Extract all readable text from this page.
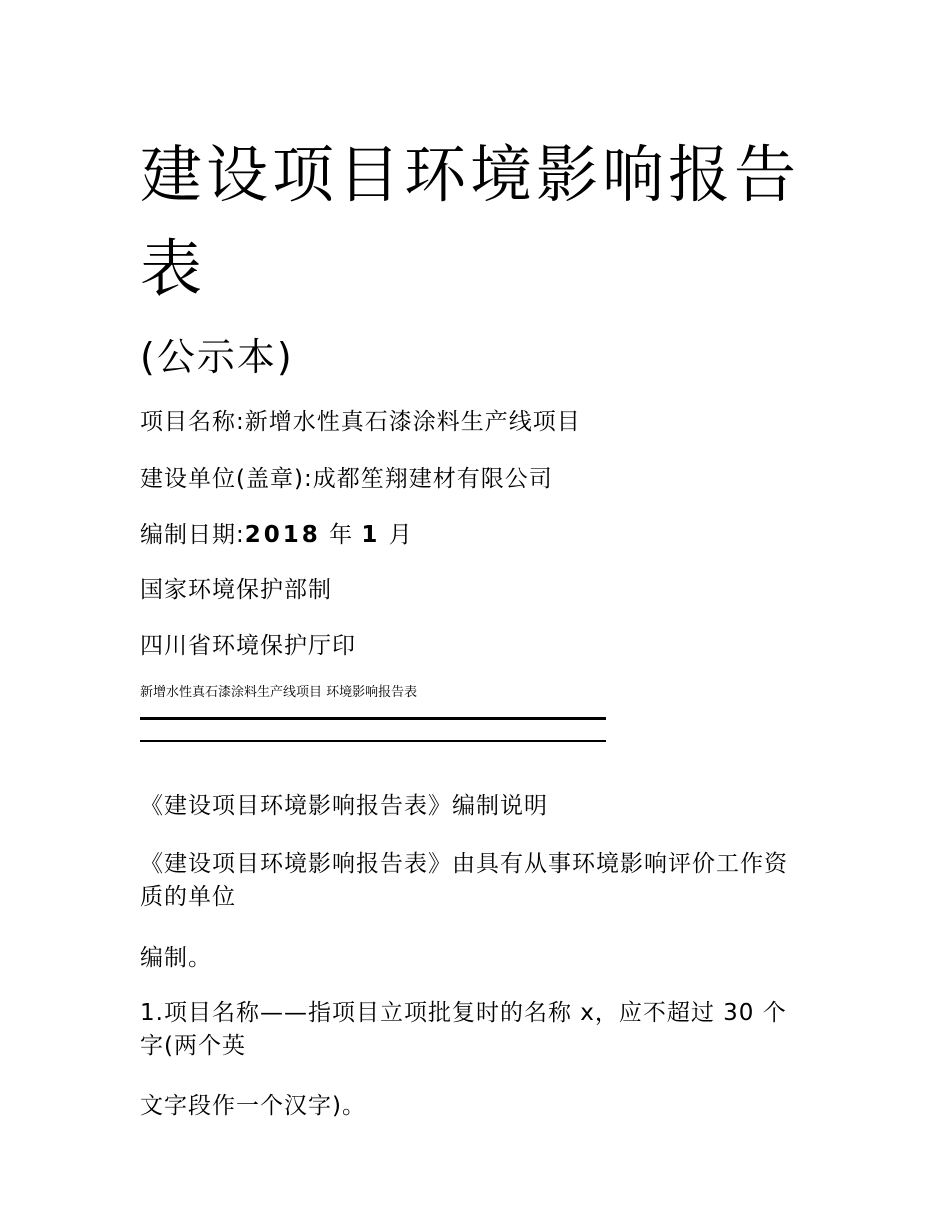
建设项目环境影响报告表
(公示本)
项目名称:新增水性真石漆涂料生产线项目
建设单位(盖章):成都笙翔建材有限公司
编制日期:2018 年 1 月
国家环境保护部制
四川省环境保护厅印
新增水性真石漆涂料生产线项目 环境影响报告表
《建设项目环境影响报告表》编制说明
《建设项目环境影响报告表》由具有从事环境影响评价工作资质的单位
编制。
1.项目名称——指项目立项批复时的名称 x，应不超过 30 个字(两个英
文字段作一个汉字)。
